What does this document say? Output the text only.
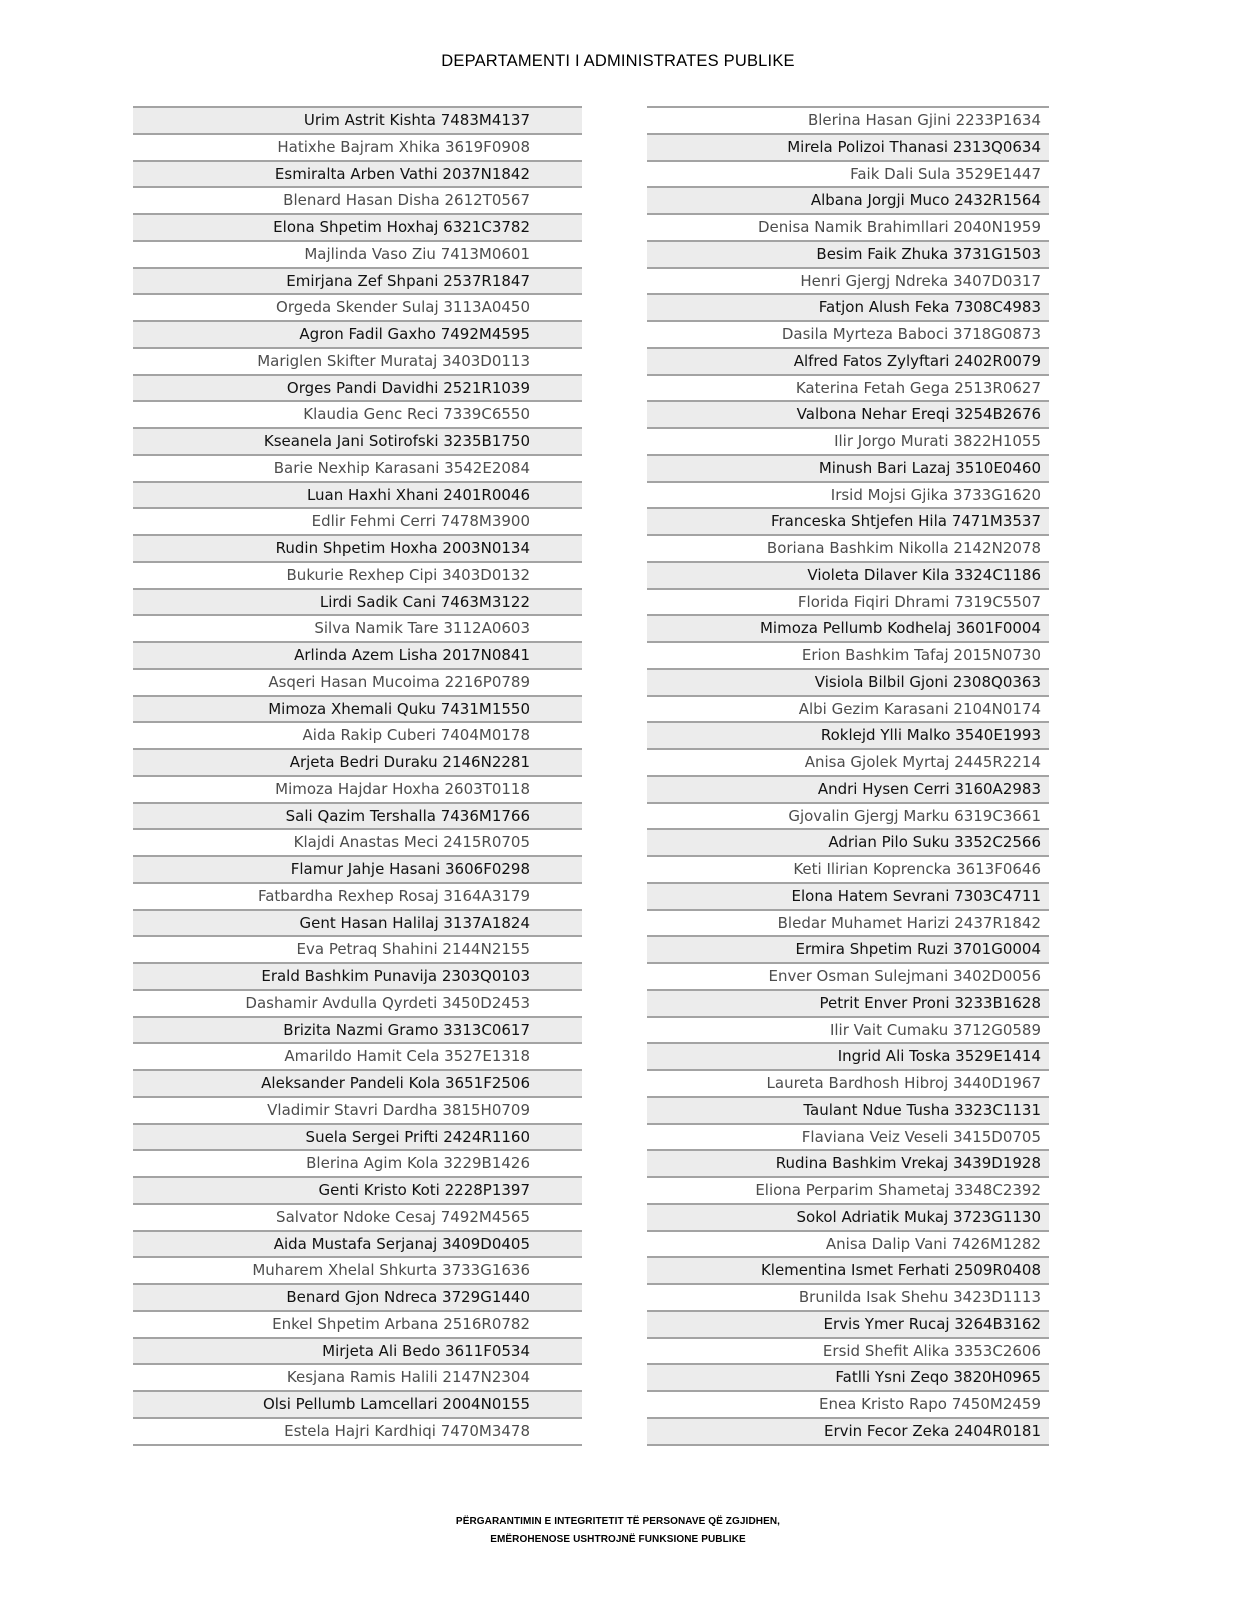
DEPARTAMENTI I ADMINISTRATES PUBLIKE
Urim Astrit Kishta 7483M4137
Hatixhe Bajram Xhika 3619F0908
Esmiralta Arben Vathi 2037N1842
Blenard Hasan Disha 2612T0567
Elona Shpetim Hoxhaj 6321C3782
Majlinda Vaso Ziu 7413M0601
Emirjana Zef Shpani 2537R1847
Orgeda Skender Sulaj 3113A0450
Agron Fadil Gaxho 7492M4595
Mariglen Skifter Murataj 3403D0113
Orges Pandi Davidhi 2521R1039
Klaudia Genc Reci 7339C6550
Kseanela Jani Sotirofski 3235B1750
Barie Nexhip Karasani 3542E2084
Luan Haxhi Xhani 2401R0046
Edlir Fehmi Cerri 7478M3900
Rudin Shpetim Hoxha 2003N0134
Bukurie Rexhep Cipi 3403D0132
Lirdi Sadik Cani 7463M3122
Silva Namik Tare 3112A0603
Arlinda Azem Lisha 2017N0841
Asqeri Hasan Mucoima 2216P0789
Mimoza Xhemali Quku 7431M1550
Aida Rakip Cuberi 7404M0178
Arjeta Bedri Duraku 2146N2281
Mimoza Hajdar Hoxha 2603T0118
Sali Qazim Tershalla 7436M1766
Klajdi Anastas Meci 2415R0705
Flamur Jahje Hasani 3606F0298
Fatbardha Rexhep Rosaj 3164A3179
Gent Hasan Halilaj 3137A1824
Eva Petraq Shahini 2144N2155
Erald Bashkim Punavija 2303Q0103
Dashamir Avdulla Qyrdeti 3450D2453
Brizita Nazmi Gramo 3313C0617
Amarildo Hamit Cela 3527E1318
Aleksander Pandeli Kola 3651F2506
Vladimir Stavri Dardha 3815H0709
Suela Sergei Prifti 2424R1160
Blerina Agim Kola 3229B1426
Genti Kristo Koti 2228P1397
Salvator Ndoke Cesaj 7492M4565
Aida Mustafa Serjanaj 3409D0405
Muharem Xhelal Shkurta 3733G1636
Benard Gjon Ndreca 3729G1440
Enkel Shpetim Arbana 2516R0782
Mirjeta Ali Bedo 3611F0534
Kesjana Ramis Halili 2147N2304
Olsi Pellumb Lamcellari 2004N0155
Estela Hajri Kardhiqi 7470M3478
Blerina Hasan Gjini 2233P1634
Mirela Polizoi Thanasi 2313Q0634
Faik Dali Sula 3529E1447
Albana Jorgji Muco 2432R1564
Denisa Namik Brahimllari 2040N1959
Besim Faik Zhuka 3731G1503
Henri Gjergj Ndreka 3407D0317
Fatjon Alush Feka 7308C4983
Dasila Myrteza Baboci 3718G0873
Alfred Fatos Zylyftari 2402R0079
Katerina Fetah Gega 2513R0627
Valbona Nehar Ereqi 3254B2676
Ilir Jorgo Murati 3822H1055
Minush Bari Lazaj 3510E0460
Irsid Mojsi Gjika 3733G1620
Franceska Shtjefen Hila 7471M3537
Boriana Bashkim Nikolla 2142N2078
Violeta Dilaver Kila 3324C1186
Florida Fiqiri Dhrami 7319C5507
Mimoza Pellumb Kodhelaj 3601F0004
Erion Bashkim Tafaj 2015N0730
Visiola Bilbil Gjoni 2308Q0363
Albi Gezim Karasani 2104N0174
Roklejd Ylli Malko 3540E1993
Anisa Gjolek Myrtaj 2445R2214
Andri Hysen Cerri 3160A2983
Gjovalin Gjergj Marku 6319C3661
Adrian Pilo Suku 3352C2566
Keti Ilirian Koprencka 3613F0646
Elona Hatem Sevrani 7303C4711
Bledar Muhamet Harizi 2437R1842
Ermira Shpetim Ruzi 3701G0004
Enver Osman Sulejmani 3402D0056
Petrit Enver Proni 3233B1628
Ilir Vait Cumaku 3712G0589
Ingrid Ali Toska 3529E1414
Laureta Bardhosh Hibroj 3440D1967
Taulant Ndue Tusha 3323C1131
Flaviana Veiz Veseli 3415D0705
Rudina Bashkim Vrekaj 3439D1928
Eliona Perparim Shametaj 3348C2392
Sokol Adriatik Mukaj 3723G1130
Anisa Dalip Vani 7426M1282
Klementina Ismet Ferhati 2509R0408
Brunilda Isak Shehu 3423D1113
Ervis Ymer Rucaj 3264B3162
Ersid Shefit Alika 3353C2606
Fatlli Ysni Zeqo 3820H0965
Enea Kristo Rapo 7450M2459
Ervin Fecor Zeka 2404R0181
PËRGARANTIMIN E INTEGRITETIT TË PERSONAVE QË ZGJIDHEN,
EMËROHENOSE USHTROJNË FUNKSIONE PUBLIKE
